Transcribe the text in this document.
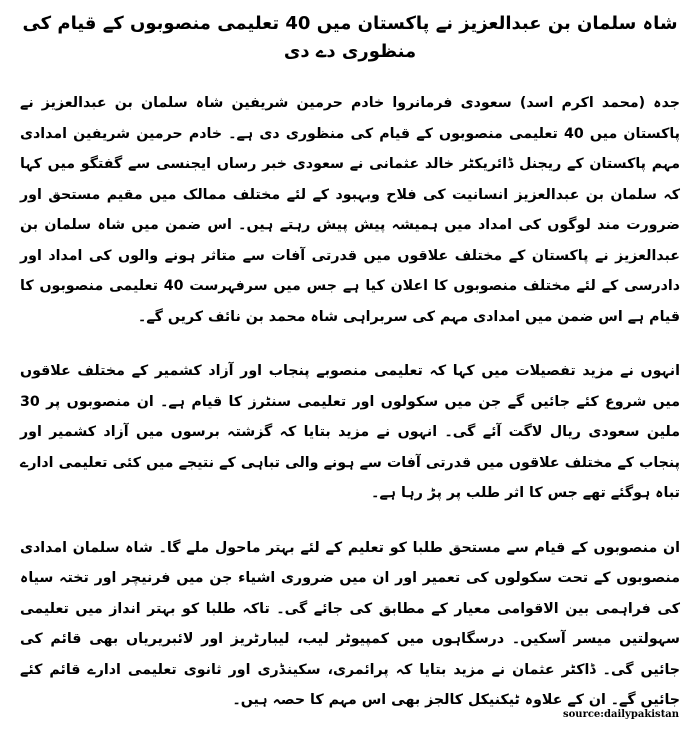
شاہ سلمان بن عبدالعزیز نے پاکستان میں 40 تعلیمی منصوبوں کے قیام کی منظوری دے دی

جدہ (محمد اکرم اسد) سعودی فرمانروا خادم حرمین شریفین شاہ سلمان بن عبدالعزیز نے پاکستان میں 40 تعلیمی منصوبوں کے قیام کی منظوری دی ہے۔ خادم حرمین شریفین امدادی مہم پاکستان کے ریجنل ڈائریکٹر خالد عثمانی نے سعودی خبر رساں ایجنسی سے گفتگو میں کہا کہ سلمان بن عبدالعزیز انسانیت کی فلاح وبہبود کے لئے مختلف ممالک میں مقیم مستحق اور ضرورت مند لوگوں کی امداد میں ہمیشہ پیش پیش رہتے ہیں۔ اس ضمن میں شاہ سلمان بن عبدالعزیز نے پاکستان کے مختلف علاقوں میں قدرتی آفات سے متاثر ہونے والوں کی امداد اور دادرسی کے لئے مختلف منصوبوں کا اعلان کیا ہے جس میں سرفہرست 40 تعلیمی منصوبوں کا قیام ہے اس ضمن میں امدادی مہم کی سربراہی شاہ محمد بن نائف کریں گے۔

انہوں نے مزید تفصیلات میں کہا کہ تعلیمی منصوبے پنجاب اور آزاد کشمیر کے مختلف علاقوں میں شروع کئے جائیں گے جن میں سکولوں اور تعلیمی سنٹرز کا قیام ہے۔ ان منصوبوں پر 30 ملین سعودی ریال لاگت آئے گی۔ انہوں نے مزید بتایا کہ گزشتہ برسوں میں آزاد کشمیر اور پنجاب کے مختلف علاقوں میں قدرتی آفات سے ہونے والی تباہی کے نتیجے میں کئی تعلیمی ادارے تباہ ہوگئے تھے جس کا اثر طلب پر پڑ رہا ہے۔

ان منصوبوں کے قیام سے مستحق طلبا کو تعلیم کے لئے بہتر ماحول ملے گا۔ شاہ سلمان امدادی منصوبوں کے تحت سکولوں کی تعمیر اور ان میں ضروری اشیاء جن میں فرنیچر اور تختہ سیاہ کی فراہمی بین الاقوامی معیار کے مطابق کی جائے گی۔ تاکہ طلبا کو بہتر انداز میں تعلیمی سہولتیں میسر آسکیں۔ درسگاہوں میں کمپیوٹر لیب، لیبارٹریز اور لائبریریاں بھی قائم کی جائیں گی۔ ڈاکٹر عثمان نے مزید بتایا کہ پرائمری، سکینڈری اور ثانوی تعلیمی ادارے قائم کئے جائیں گے۔ ان کے علاوہ ٹیکنیکل کالجز بھی اس مہم کا حصہ ہیں۔

source:dailypakistan
